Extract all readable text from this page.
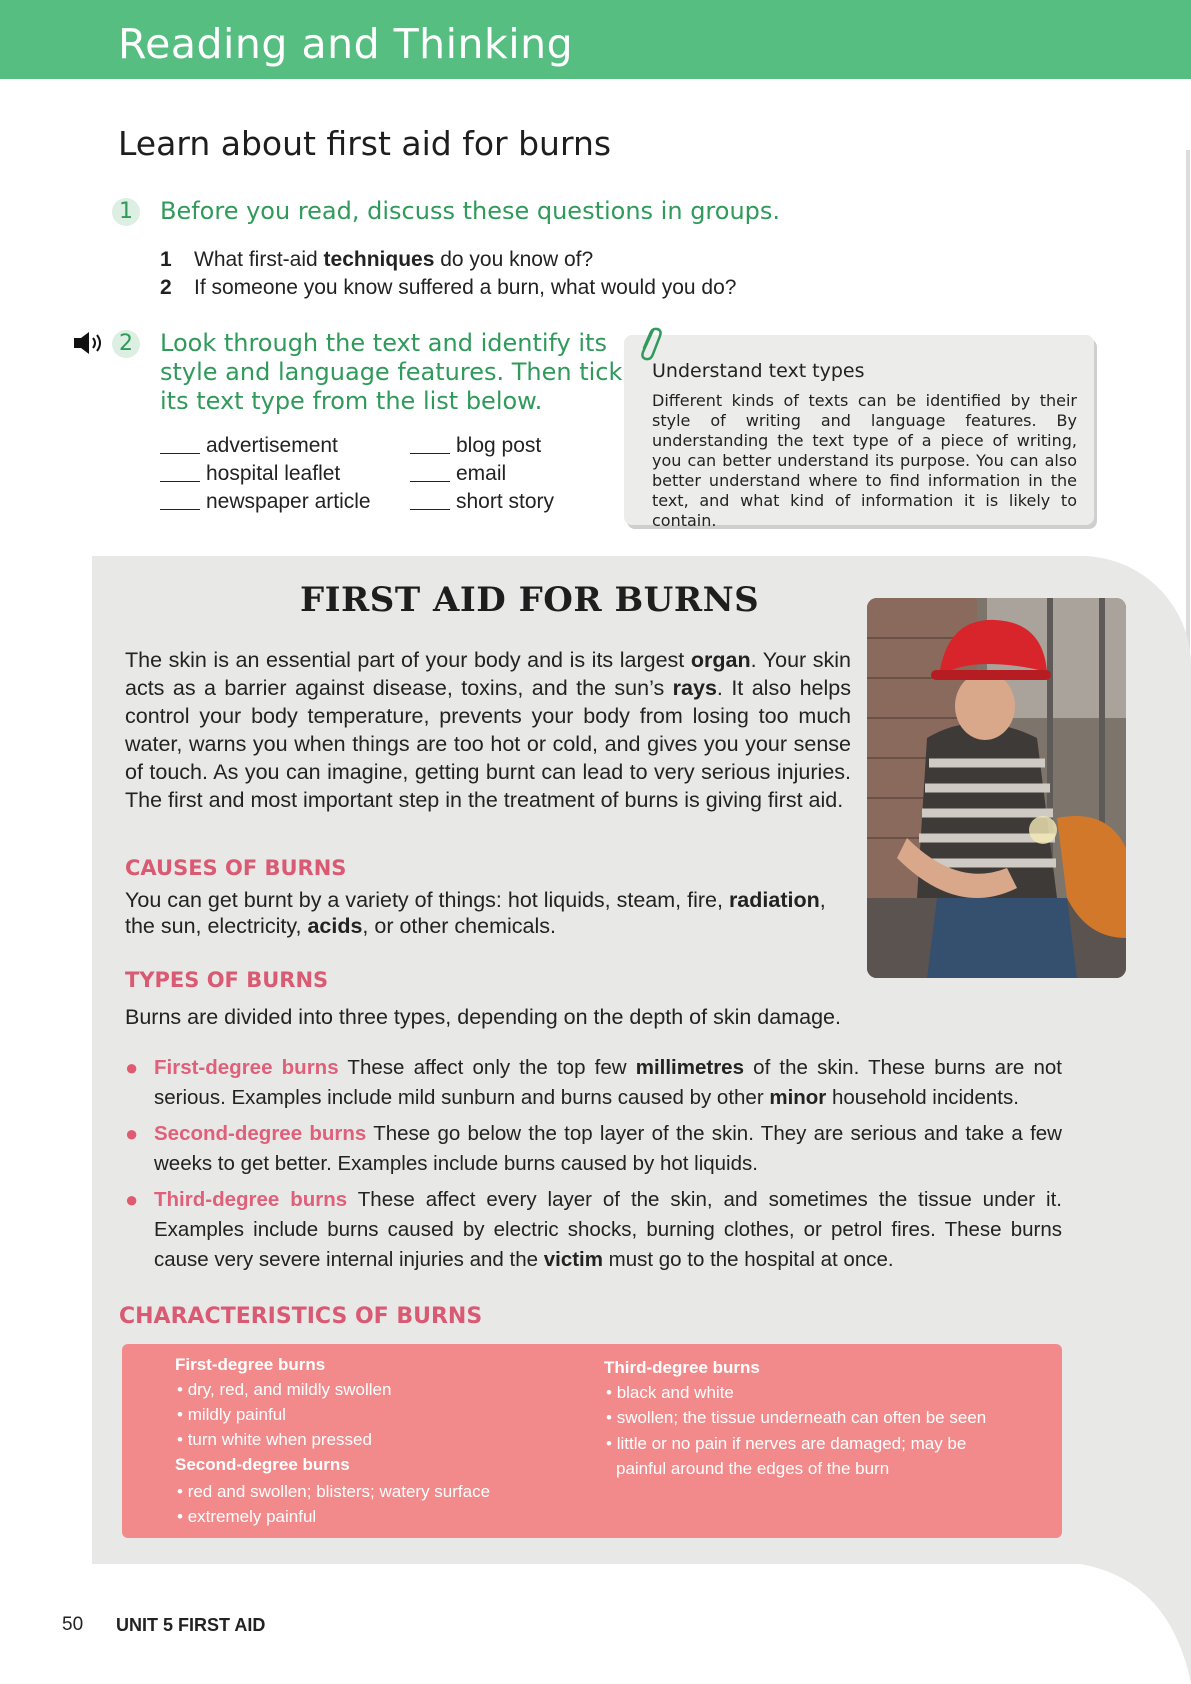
Reading and Thinking
Learn about first aid for burns
1 Before you read, discuss these questions in groups.
1 What first-aid techniques do you know of?
2 If someone you know suffered a burn, what would you do?
2 Look through the text and identify its
style and language features. Then tick
its text type from the list below.
advertisement
hospital leaflet
newspaper article
blog post
email
short story
Understand text types
Different kinds of texts can be identified by their style of writing and language features. By understanding the text type of a piece of writing, you can better understand its purpose. You can also better understand where to find information in the text, and what kind of information it is likely to contain.
FIRST AID FOR BURNS
The skin is an essential part of your body and is its largest organ. Your skin acts as a barrier against disease, toxins, and the sun’s rays. It also helps control your body temperature, prevents your body from losing too much water, warns you when things are too hot or cold, and gives you your sense of touch. As you can imagine, getting burnt can lead to very serious injuries. The first and most important step in the treatment of burns is giving first aid.
CAUSES OF BURNS
You can get burnt by a variety of things: hot liquids, steam, fire, radiation,
the sun, electricity, acids, or other chemicals.
TYPES OF BURNS
Burns are divided into three types, depending on the depth of skin damage.
● First-degree burns These affect only the top few millimetres of the skin. These burns are not serious. Examples include mild sunburn and burns caused by other minor household incidents.
● Second-degree burns These go below the top layer of the skin. They are serious and take a few weeks to get better. Examples include burns caused by hot liquids.
● Third-degree burns These affect every layer of the skin, and sometimes the tissue under it. Examples include burns caused by electric shocks, burning clothes, or petrol fires. These burns cause very severe internal injuries and the victim must go to the hospital at once.
CHARACTERISTICS OF BURNS
First-degree burns
• dry, red, and mildly swollen
• mildly painful
• turn white when pressed
Second-degree burns
• red and swollen; blisters; watery surface
• extremely painful
Third-degree burns
• black and white
• swollen; the tissue underneath can often be seen
• little or no pain if nerves are damaged; may be painful around the edges of the burn
50 UNIT 5 FIRST AID
